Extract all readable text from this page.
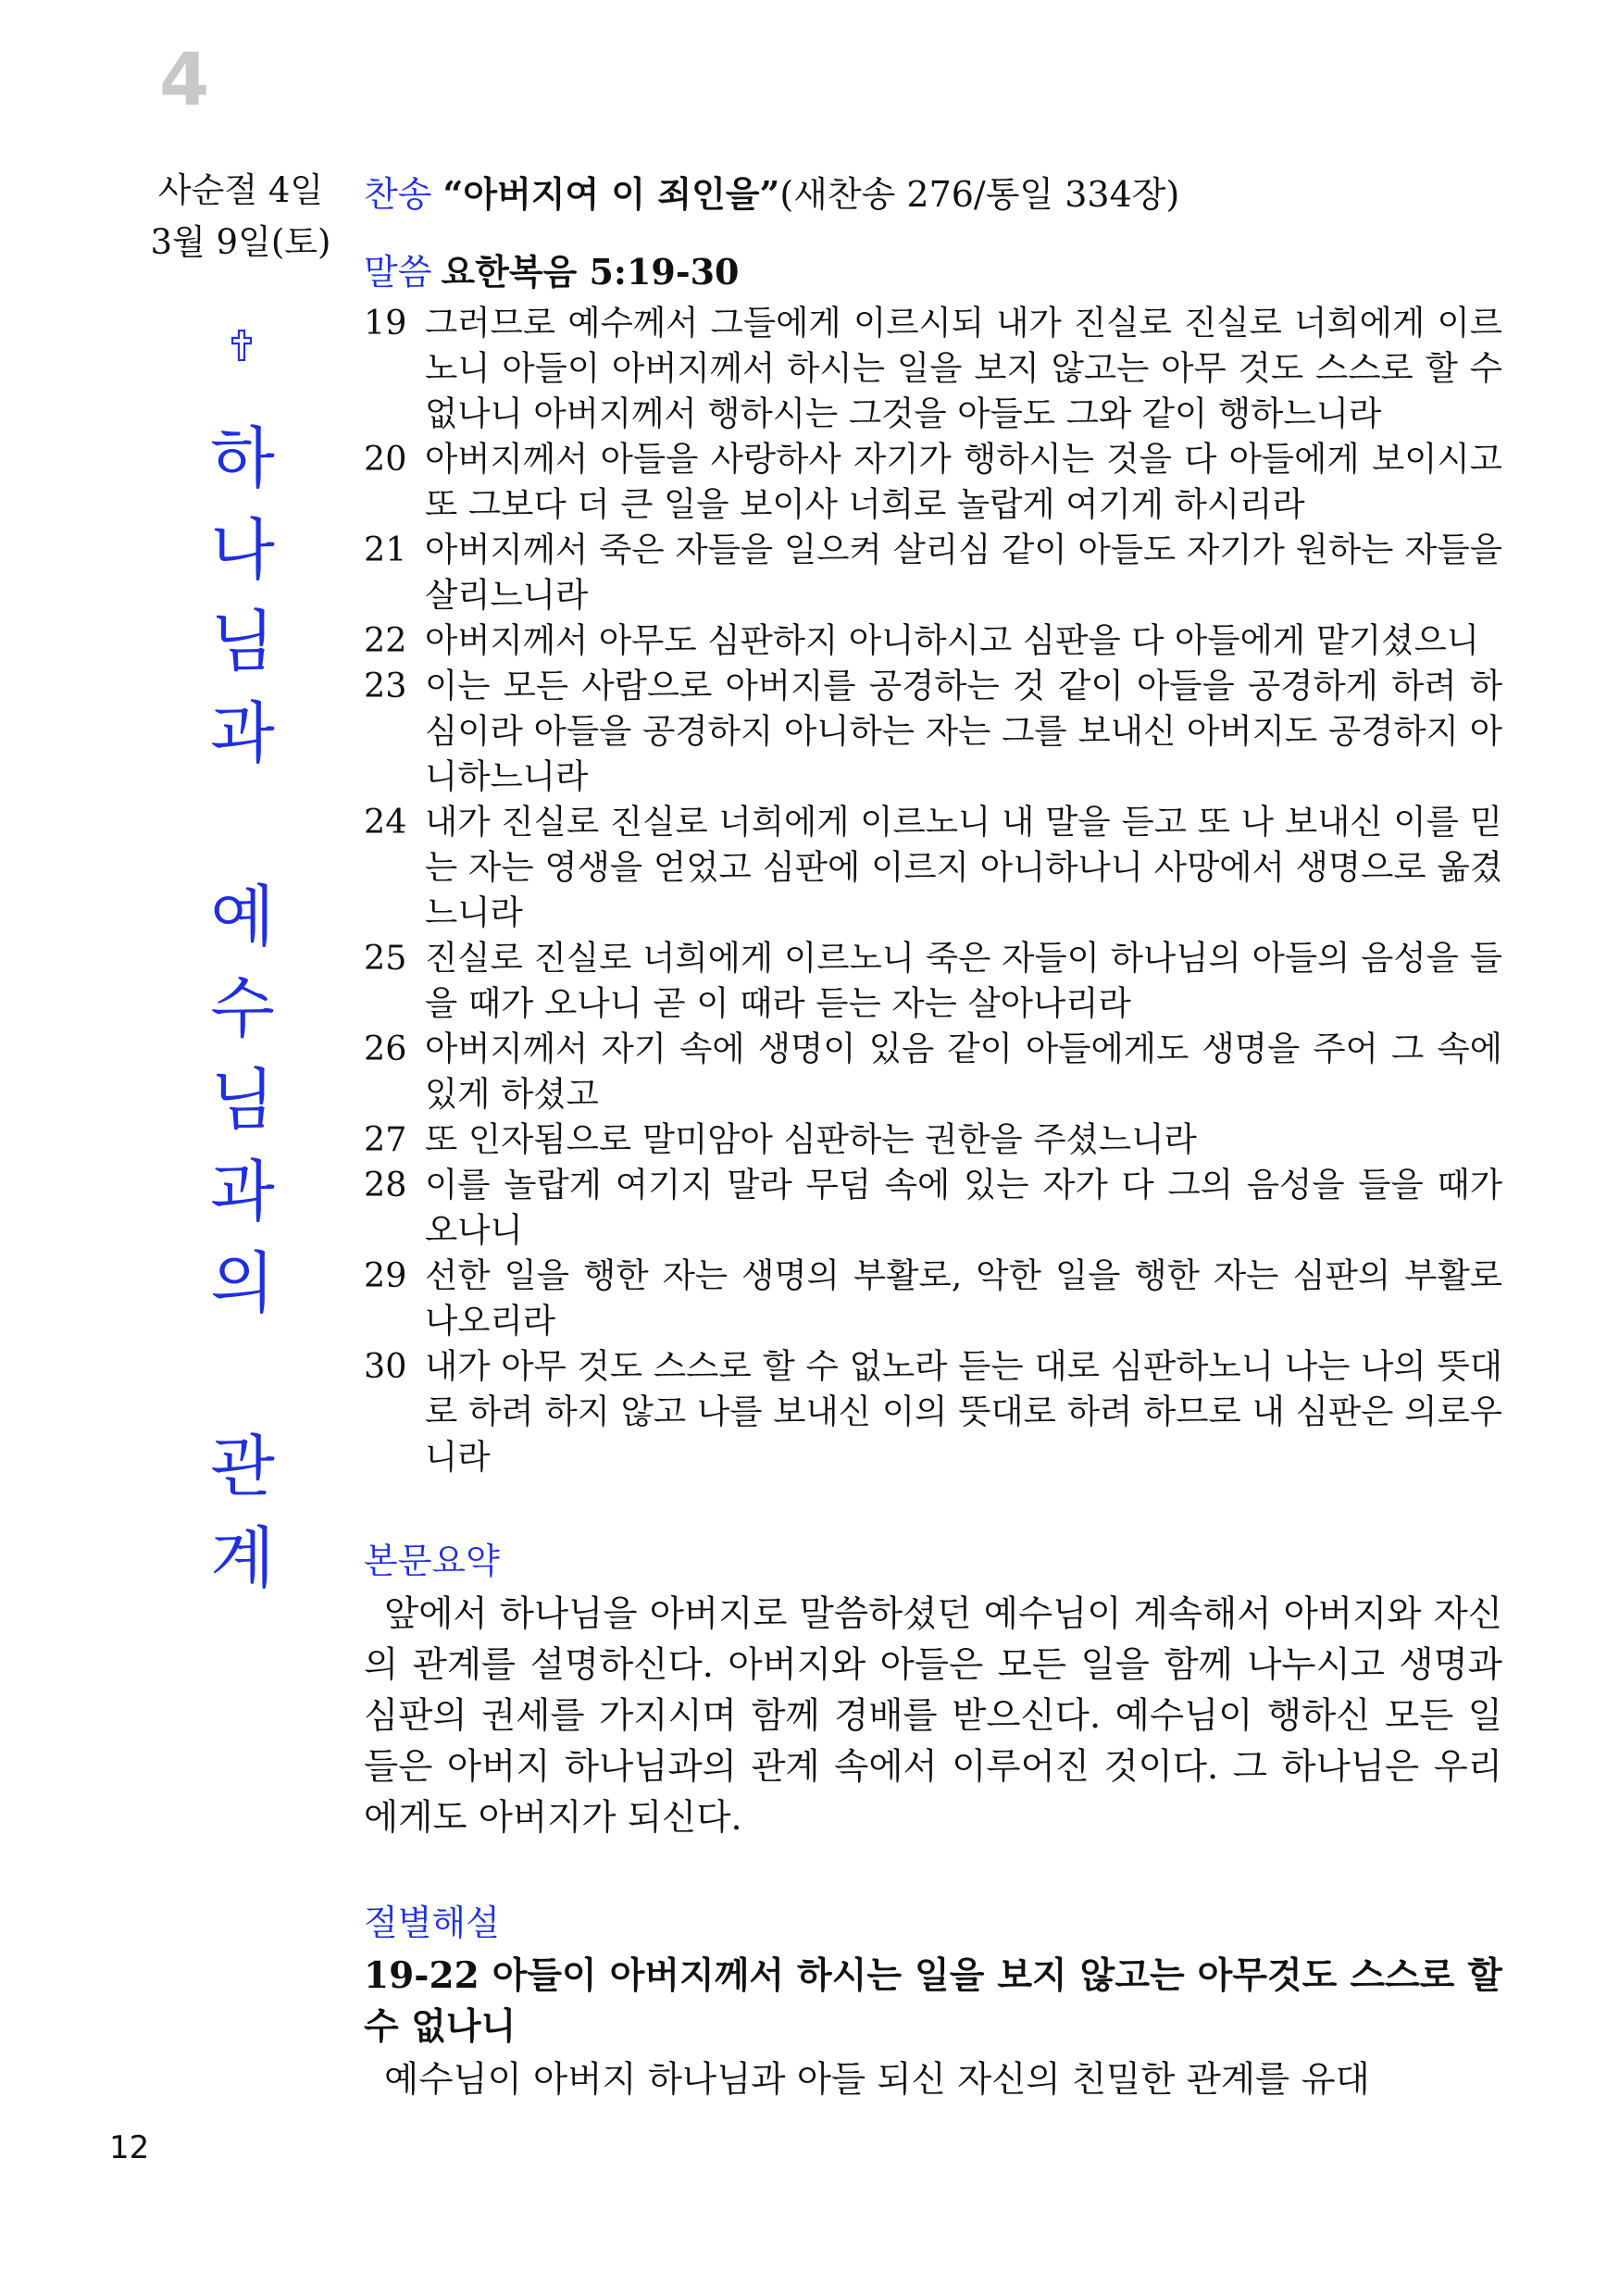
4
사순절 4일
3월 9일(토)
하
나
님
과
예
수
님
과
의
관
계
찬송 “아버지여 이 죄인을”(새찬송 276/통일 334장)
말씀 요한복음 5:19-30
19 그러므로 예수께서 그들에게 이르시되 내가 진실로 진실로 너희에게 이르노니 아들이 아버지께서 하시는 일을 보지 않고는 아무 것도 스스로 할 수 없나니 아버지께서 행하시는 그것을 아들도 그와 같이 행하느니라
20 아버지께서 아들을 사랑하사 자기가 행하시는 것을 다 아들에게 보이시고 또 그보다 더 큰 일을 보이사 너희로 놀랍게 여기게 하시리라
21 아버지께서 죽은 자들을 일으켜 살리심 같이 아들도 자기가 원하는 자들을 살리느니라
22 아버지께서 아무도 심판하지 아니하시고 심판을 다 아들에게 맡기셨으니
23 이는 모든 사람으로 아버지를 공경하는 것 같이 아들을 공경하게 하려 하심이라 아들을 공경하지 아니하는 자는 그를 보내신 아버지도 공경하지 아니하느니라
24 내가 진실로 진실로 너희에게 이르노니 내 말을 듣고 또 나 보내신 이를 믿는 자는 영생을 얻었고 심판에 이르지 아니하나니 사망에서 생명으로 옮겼느니라
25 진실로 진실로 너희에게 이르노니 죽은 자들이 하나님의 아들의 음성을 들을 때가 오나니 곧 이 때라 듣는 자는 살아나리라
26 아버지께서 자기 속에 생명이 있음 같이 아들에게도 생명을 주어 그 속에 있게 하셨고
27 또 인자됨으로 말미암아 심판하는 권한을 주셨느니라
28 이를 놀랍게 여기지 말라 무덤 속에 있는 자가 다 그의 음성을 들을 때가 오나니
29 선한 일을 행한 자는 생명의 부활로, 악한 일을 행한 자는 심판의 부활로 나오리라
30 내가 아무 것도 스스로 할 수 없노라 듣는 대로 심판하노니 나는 나의 뜻대로 하려 하지 않고 나를 보내신 이의 뜻대로 하려 하므로 내 심판은 의로우니라
본문요약
앞에서 하나님을 아버지로 말씀하셨던 예수님이 계속해서 아버지와 자신의 관계를 설명하신다. 아버지와 아들은 모든 일을 함께 나누시고 생명과 심판의 권세를 가지시며 함께 경배를 받으신다. 예수님이 행하신 모든 일들은 아버지 하나님과의 관계 속에서 이루어진 것이다. 그 하나님은 우리에게도 아버지가 되신다.
절별해설
19-22 아들이 아버지께서 하시는 일을 보지 않고는 아무것도 스스로 할 수 없나니
예수님이 아버지 하나님과 아들 되신 자신의 친밀한 관계를 유대
12
